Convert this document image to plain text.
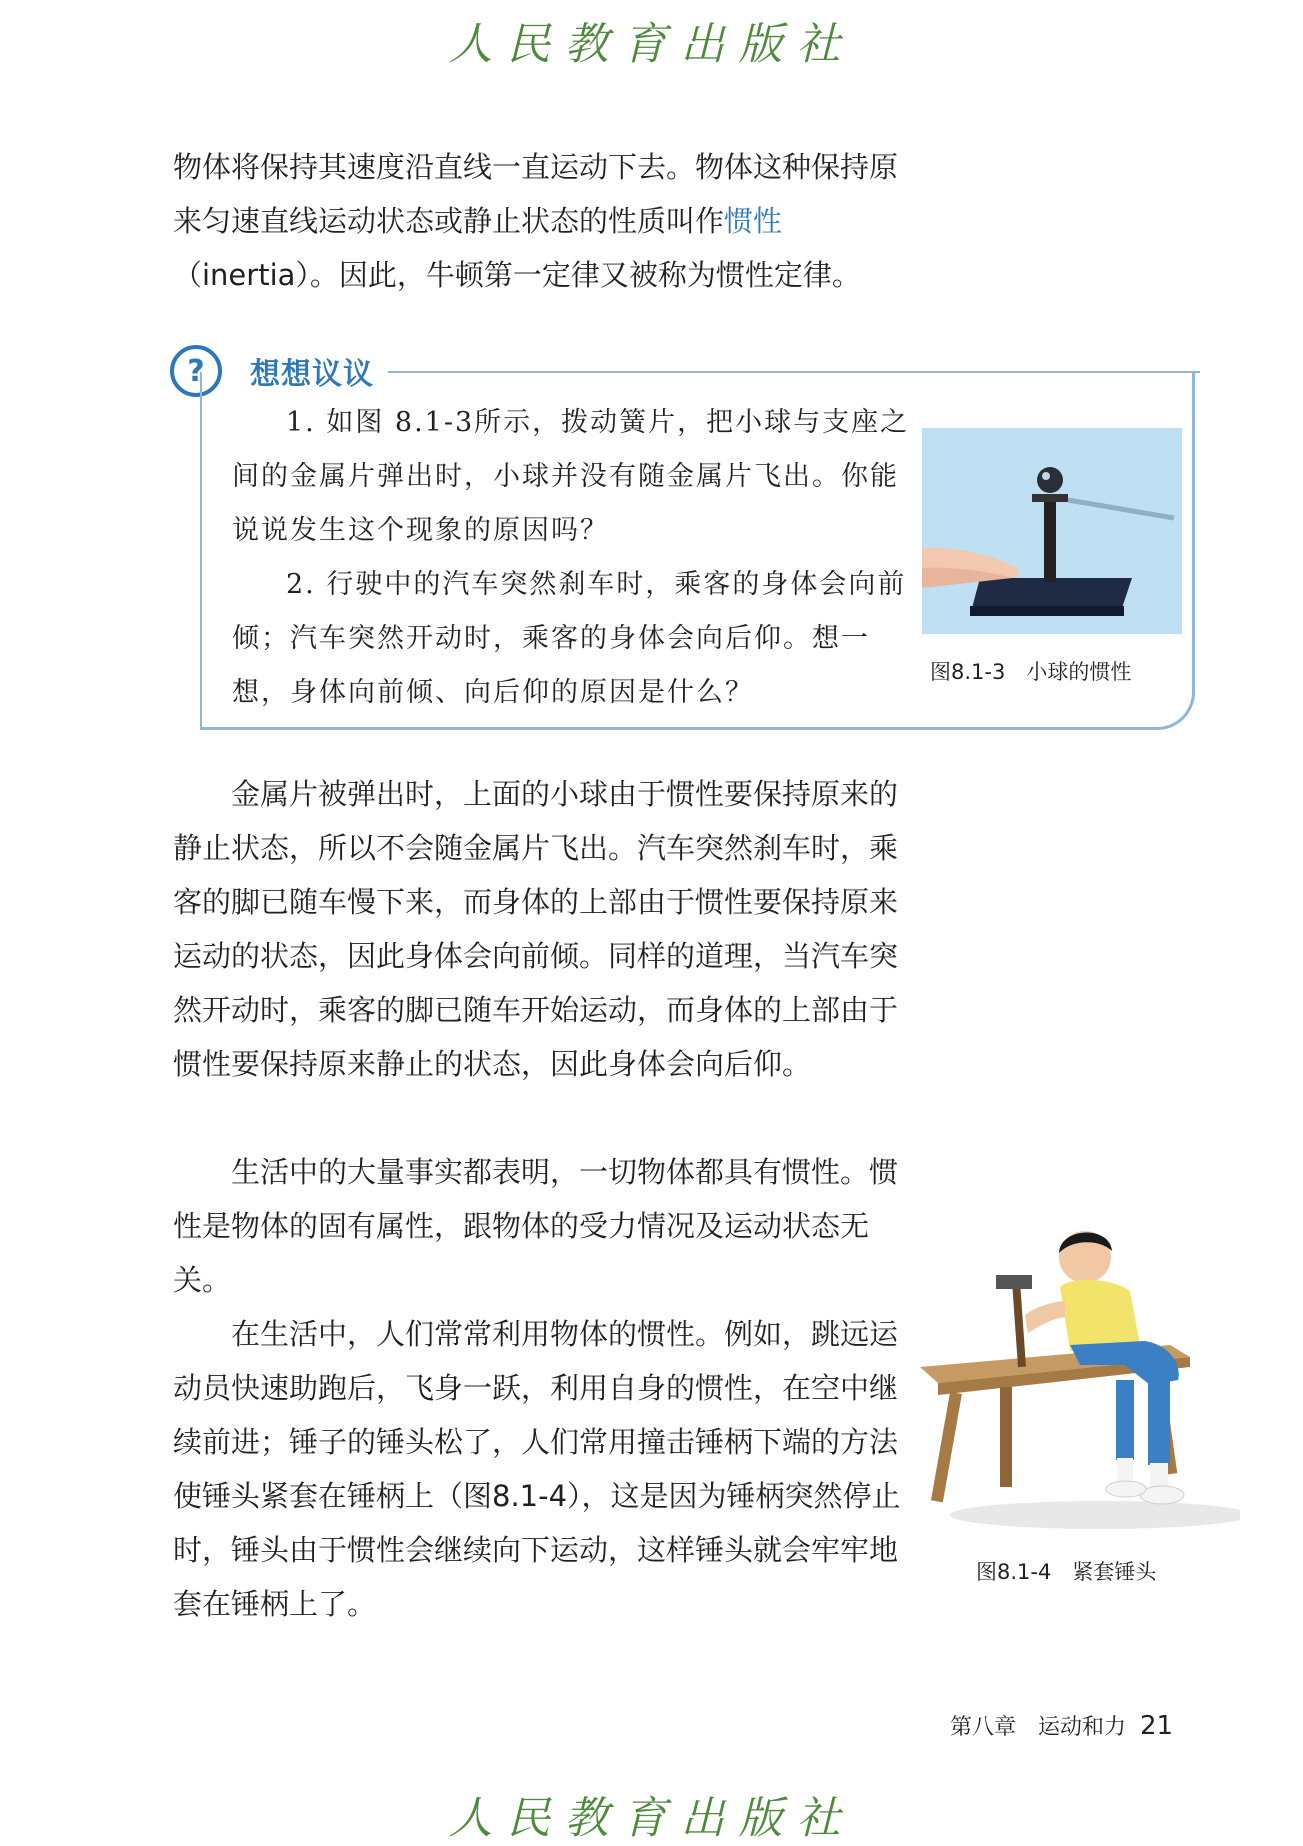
人民教育出版社

物体将保持其速度沿直线一直运动下去。物体这种保持原来匀速直线运动状态或静止状态的性质叫作惯性（inertia）。因此，牛顿第一定律又被称为惯性定律。

?	想想议议

1. 如图 8.1-3所示，拨动簧片，把小球与支座之间的金属片弹出时，小球并没有随金属片飞出。你能说说发生这个现象的原因吗？

2. 行驶中的汽车突然刹车时，乘客的身体会向前倾；汽车突然开动时，乘客的身体会向后仰。想一想，身体向前倾、向后仰的原因是什么？

图8.1-3　小球的惯性

金属片被弹出时，上面的小球由于惯性要保持原来的静止状态，所以不会随金属片飞出。汽车突然刹车时，乘客的脚已随车慢下来，而身体的上部由于惯性要保持原来运动的状态，因此身体会向前倾。同样的道理，当汽车突然开动时，乘客的脚已随车开始运动，而身体的上部由于惯性要保持原来静止的状态，因此身体会向后仰。

生活中的大量事实都表明，一切物体都具有惯性。惯性是物体的固有属性，跟物体的受力情况及运动状态无关。

在生活中，人们常常利用物体的惯性。例如，跳远运动员快速助跑后，飞身一跃，利用自身的惯性，在空中继续前进；锤子的锤头松了，人们常用撞击锤柄下端的方法使锤头紧套在锤柄上（图8.1-4），这是因为锤柄突然停止时，锤头由于惯性会继续向下运动，这样锤头就会牢牢地套在锤柄上了。

图8.1-4　紧套锤头
第八章　运动和力 21
人民教育出版社
